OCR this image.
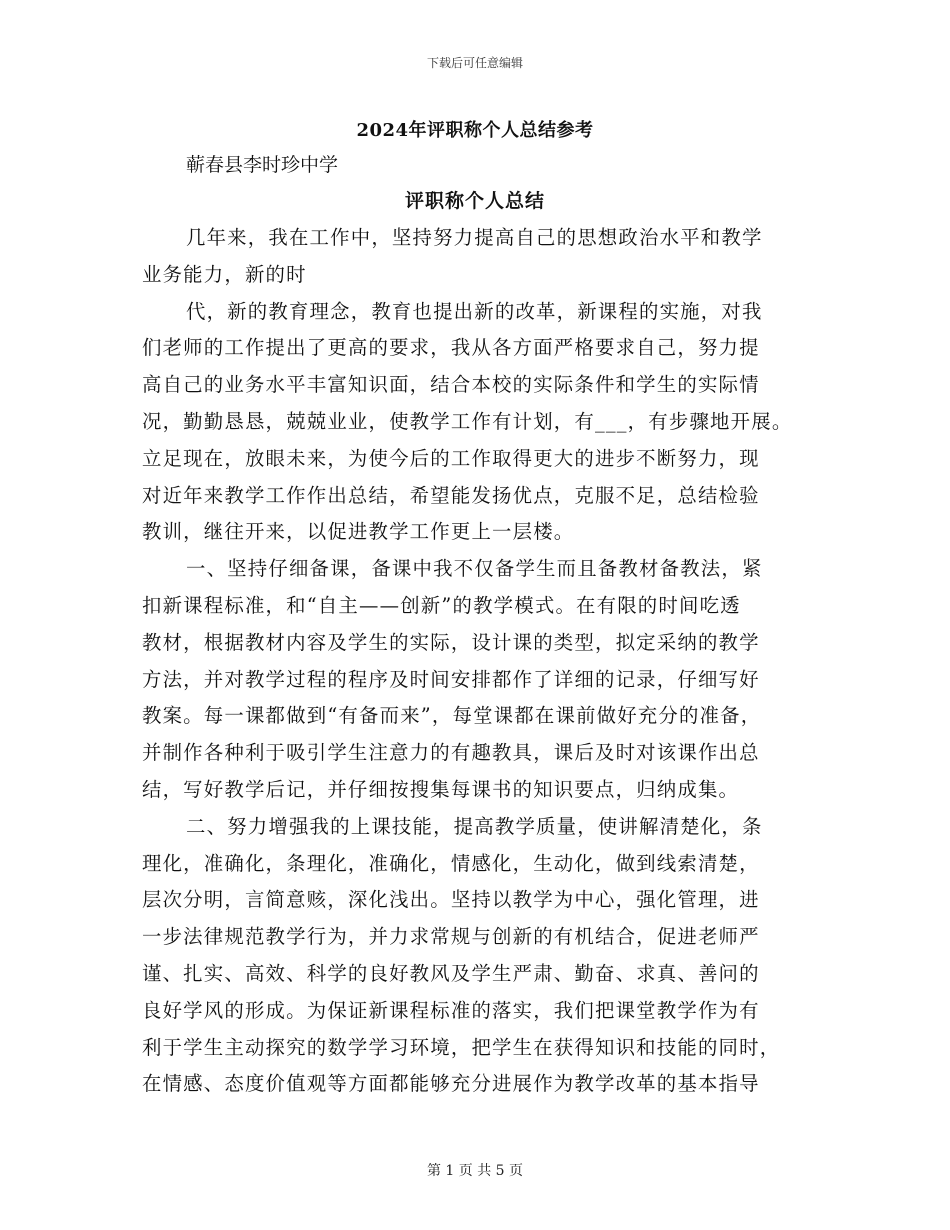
下载后可任意编辑
2024年评职称个人总结参考
蕲春县李时珍中学
评职称个人总结
几年来，我在工作中，坚持努力提高自己的思想政治水平和教学
业务能力，新的时
代，新的教育理念，教育也提出新的改革，新课程的实施，对我
们老师的工作提出了更高的要求，我从各方面严格要求自己，努力提
高自己的业务水平丰富知识面，结合本校的实际条件和学生的实际情
况，勤勤恳恳，兢兢业业，使教学工作有计划，有___，有步骤地开展。
立足现在，放眼未来，为使今后的工作取得更大的进步不断努力，现
对近年来教学工作作出总结，希望能发扬优点，克服不足，总结检验
教训，继往开来，以促进教学工作更上一层楼。
一、坚持仔细备课，备课中我不仅备学生而且备教材备教法，紧
扣新课程标准，和“自主——创新”的教学模式。在有限的时间吃透
教材，根据教材内容及学生的实际，设计课的类型，拟定采纳的教学
方法，并对教学过程的程序及时间安排都作了详细的记录，仔细写好
教案。每一课都做到“有备而来”，每堂课都在课前做好充分的准备，
并制作各种利于吸引学生注意力的有趣教具，课后及时对该课作出总
结，写好教学后记，并仔细按搜集每课书的知识要点，归纳成集。
二、努力增强我的上课技能，提高教学质量，使讲解清楚化，条
理化，准确化，条理化，准确化，情感化，生动化，做到线索清楚，
层次分明，言简意赅，深化浅出。坚持以教学为中心，强化管理，进
一步法律规范教学行为，并力求常规与创新的有机结合，促进老师严
谨、扎实、高效、科学的良好教风及学生严肃、勤奋、求真、善问的
良好学风的形成。为保证新课程标准的落实，我们把课堂教学作为有
利于学生主动探究的数学学习环境，把学生在获得知识和技能的同时，
在情感、态度价值观等方面都能够充分进展作为教学改革的基本指导
第 1 页 共 5 页
